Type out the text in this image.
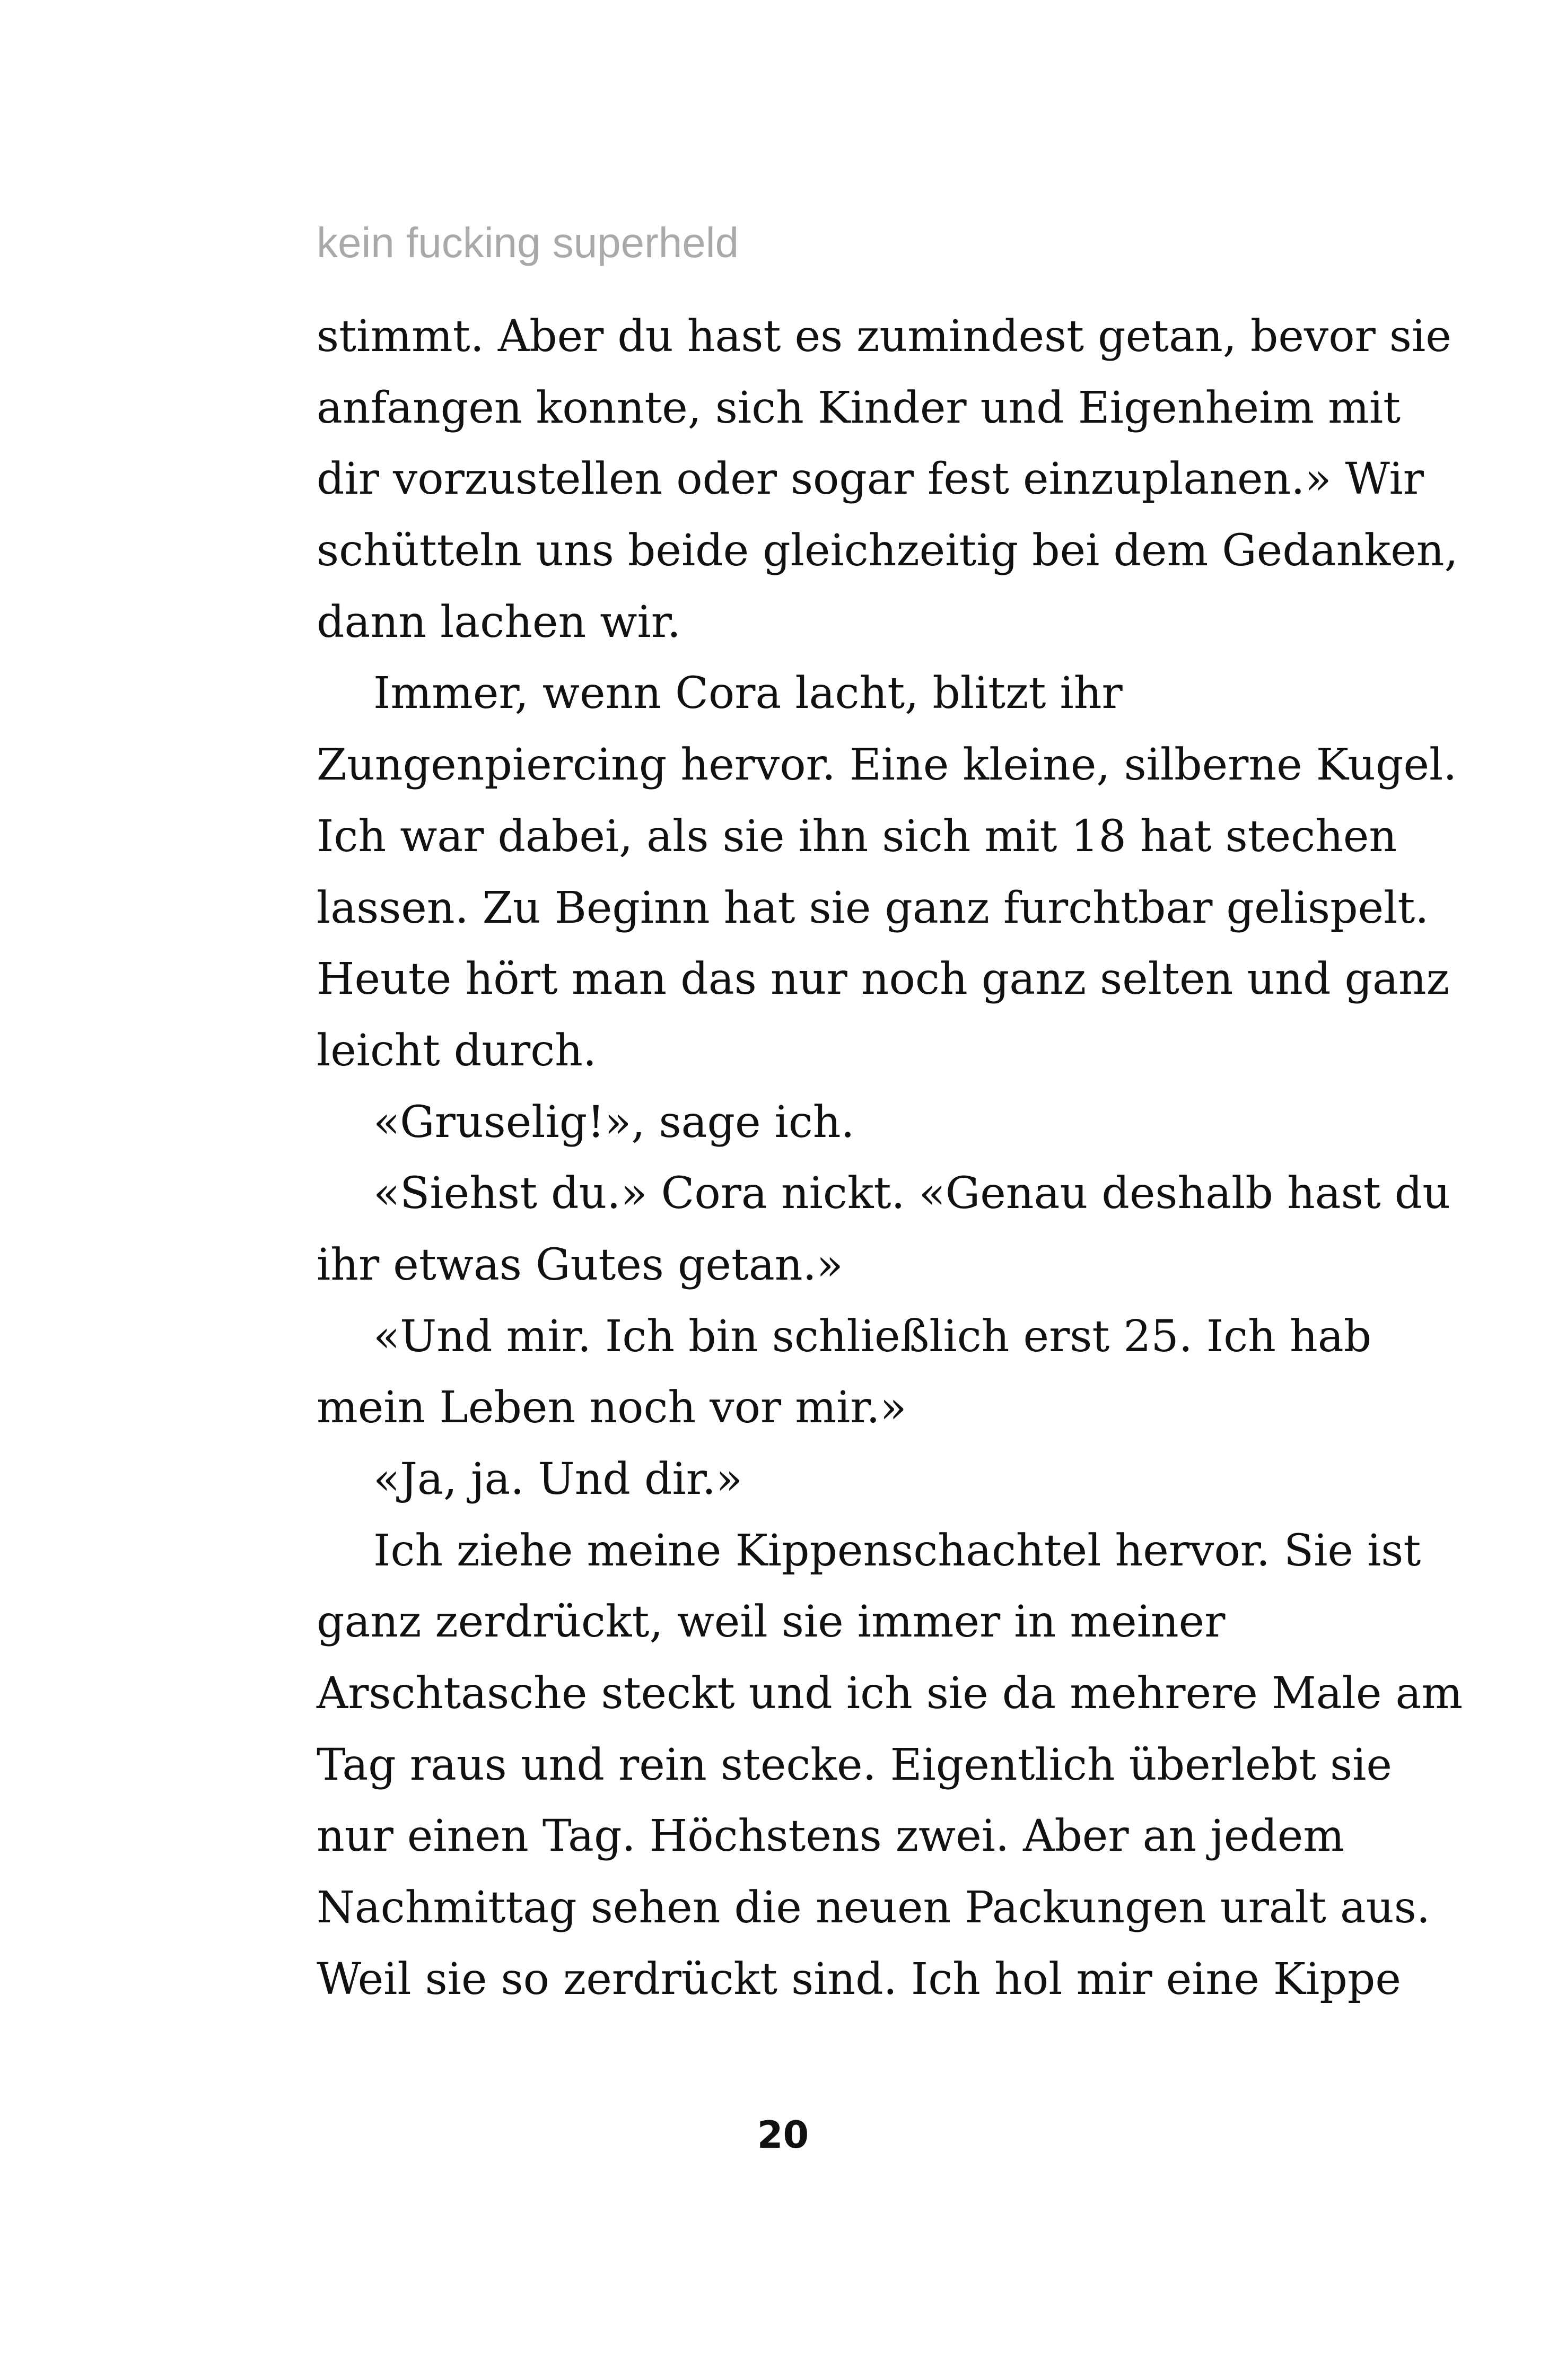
kein fucking superheld
stimmt. Aber du hast es zumindest getan, bevor sie
anfangen konnte, sich Kinder und Eigenheim mit
dir vorzustellen oder sogar fest einzuplanen.» Wir
schütteln uns beide gleichzeitig bei dem Gedanken,
dann lachen wir.
Immer, wenn Cora lacht, blitzt ihr
Zungenpiercing hervor. Eine kleine, silberne Kugel.
Ich war dabei, als sie ihn sich mit 18 hat stechen
lassen. Zu Beginn hat sie ganz furchtbar gelispelt.
Heute hört man das nur noch ganz selten und ganz
leicht durch.
«Gruselig!», sage ich.
«Siehst du.» Cora nickt. «Genau deshalb hast du
ihr etwas Gutes getan.»
«Und mir. Ich bin schließlich erst 25. Ich hab
mein Leben noch vor mir.»
«Ja, ja. Und dir.»
Ich ziehe meine Kippenschachtel hervor. Sie ist
ganz zerdrückt, weil sie immer in meiner
Arschtasche steckt und ich sie da mehrere Male am
Tag raus und rein stecke. Eigentlich überlebt sie
nur einen Tag. Höchstens zwei. Aber an jedem
Nachmittag sehen die neuen Packungen uralt aus.
Weil sie so zerdrückt sind. Ich hol mir eine Kippe
20
